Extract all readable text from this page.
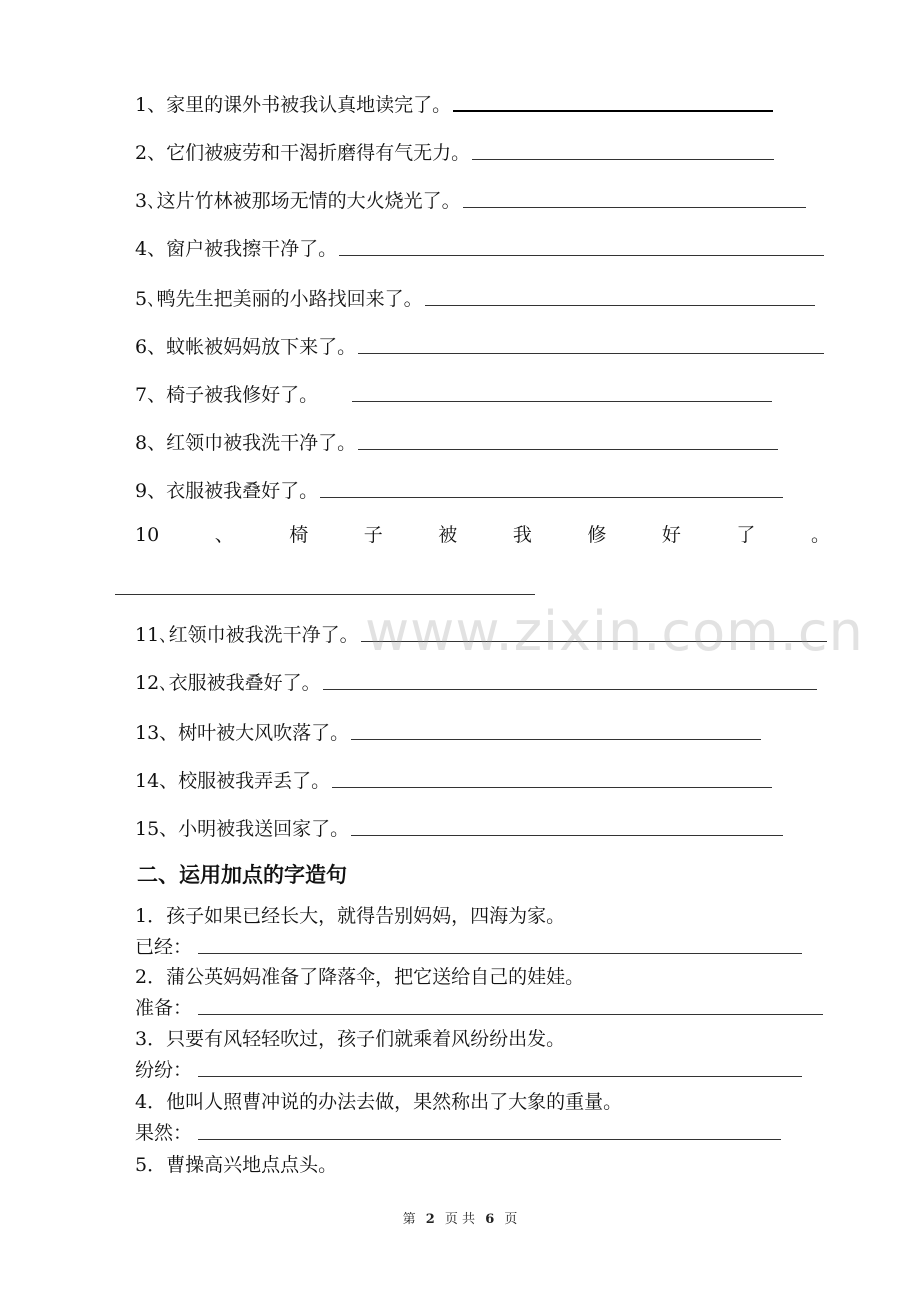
1、家里的课外书被我认真地读完了。
2、它们被疲劳和干渴折磨得有气无力。
3､这片竹林被那场无情的大火烧光了。
4、窗户被我擦干净了。
5､鸭先生把美丽的小路找回来了。
6、蚊帐被妈妈放下来了。
7、椅子被我修好了。
8、红领巾被我洗干净了。
9、衣服被我叠好了。
10	、	椅	子	被	我	修	好	了	。
11､红领巾被我洗干净了。
12､衣服被我叠好了。
13、树叶被大风吹落了。
14、校服被我弄丢了。
15、小明被我送回家了。
二、运用加点的字造句
1．孩子如果已经长大，就得告别妈妈，四海为家。
已经：
2．蒲公英妈妈准备了降落伞，把它送给自己的娃娃。
准备：
3．只要有风轻轻吹过，孩子们就乘着风纷纷出发。
纷纷：
4．他叫人照曹冲说的办法去做，果然称出了大象的重量。
果然：
5．曹操高兴地点点头。
www.zixin.com.cn
第 2 页 共 6 页
